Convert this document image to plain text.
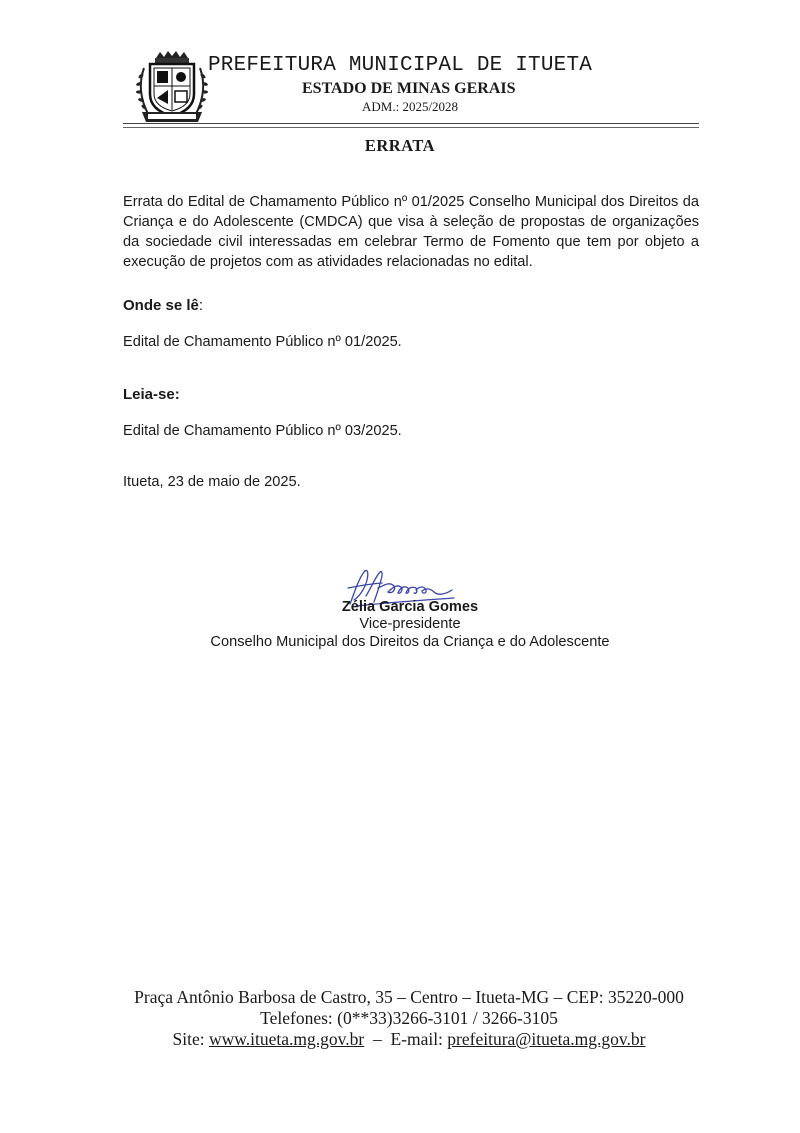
PREFEITURA MUNICIPAL DE ITUETA
ESTADO DE MINAS GERAIS
ADM.: 2025/2028
ERRATA
Errata do Edital de Chamamento Público nº 01/2025 Conselho Municipal dos Direitos da Criança e do Adolescente (CMDCA) que visa à seleção de propostas de organizações da sociedade civil interessadas em celebrar Termo de Fomento que tem por objeto a execução de projetos com as atividades relacionadas no edital.
Onde se lê:
Edital de Chamamento Público nº 01/2025.
Leia-se:
Edital de Chamamento Público nº 03/2025.
Itueta, 23 de maio de 2025.
Zélia Garcia Gomes
Vice-presidente
Conselho Municipal dos Direitos da Criança e do Adolescente
Praça Antônio Barbosa de Castro, 35 – Centro – Itueta-MG – CEP: 35220-000
Telefones: (0**33)3266-3101 / 3266-3105
Site: www.itueta.mg.gov.br – E-mail: prefeitura@itueta.mg.gov.br
